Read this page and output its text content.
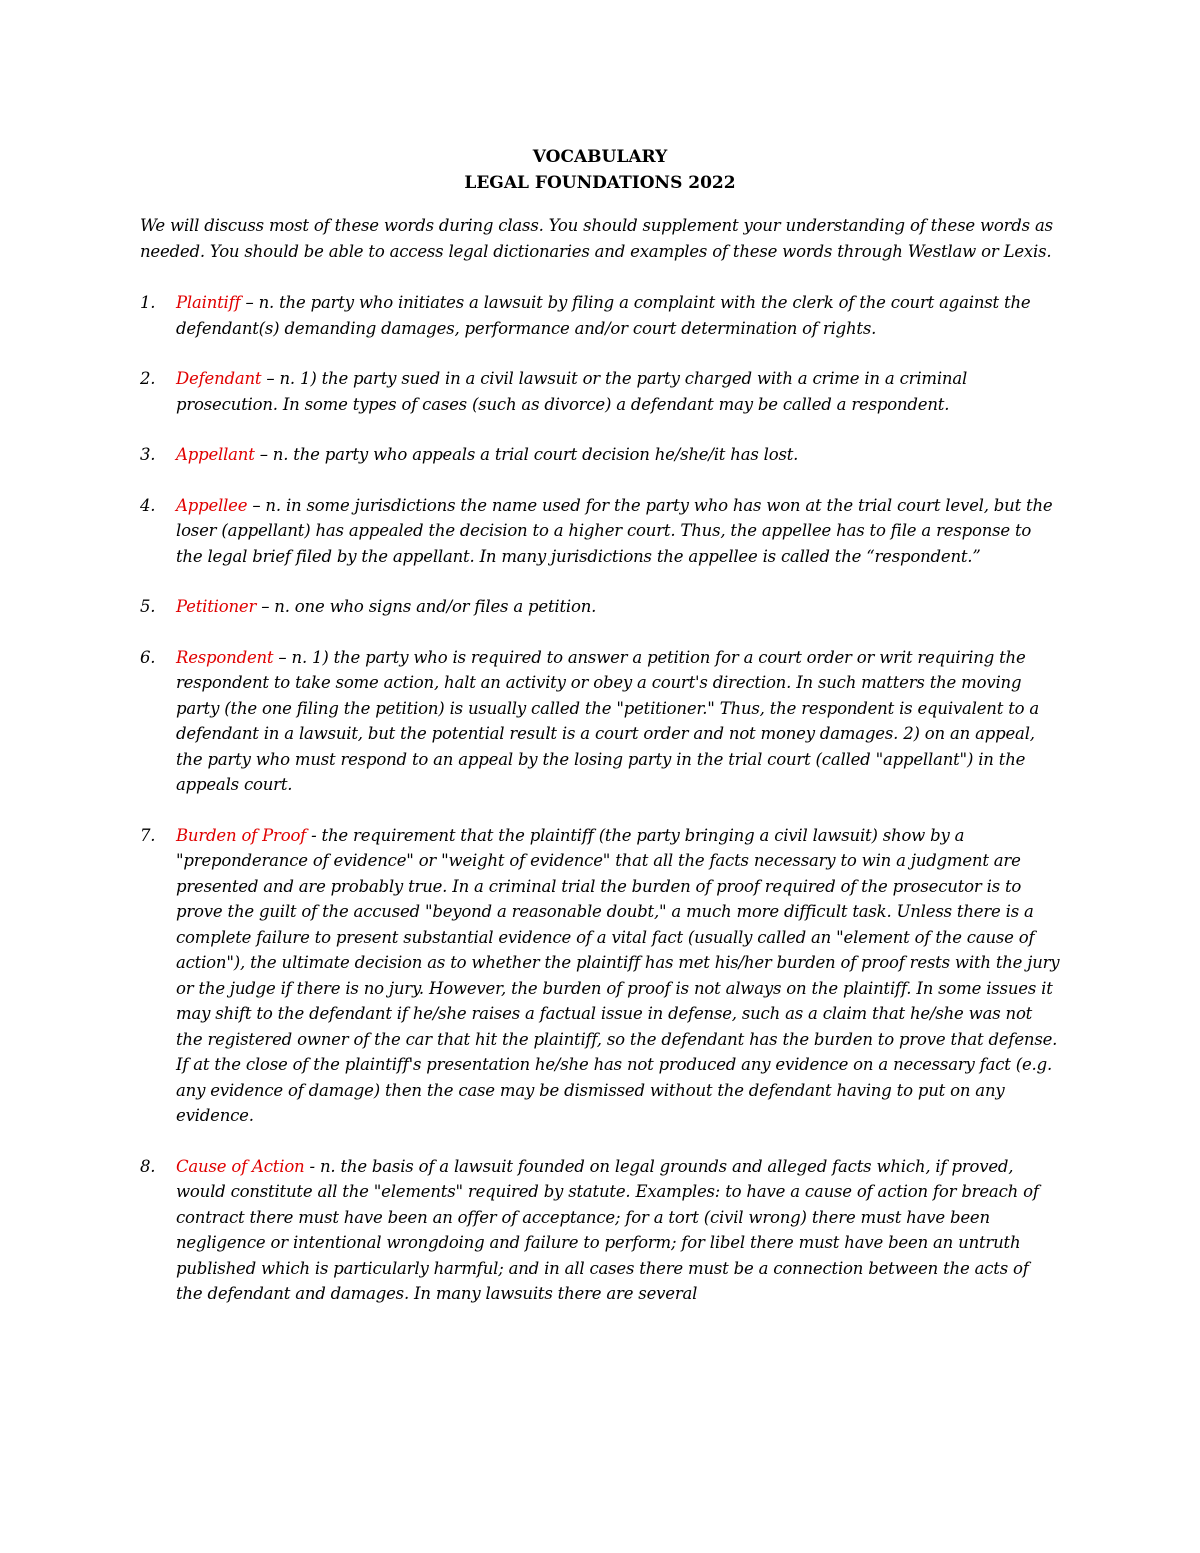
VOCABULARY

LEGAL FOUNDATIONS 2022

We will discuss most of these words during class. You should supplement your understanding of these words as needed. You should be able to access legal dictionaries and examples of these words through Westlaw or Lexis.

1. Plaintiff – n. the party who initiates a lawsuit by filing a complaint with the clerk of the court against the defendant(s) demanding damages, performance and/or court determination of rights.
2. Defendant – n. 1) the party sued in a civil lawsuit or the party charged with a crime in a criminal prosecution. In some types of cases (such as divorce) a defendant may be called a respondent.
3. Appellant – n. the party who appeals a trial court decision he/she/it has lost.
4. Appellee – n. in some jurisdictions the name used for the party who has won at the trial court level, but the loser (appellant) has appealed the decision to a higher court. Thus, the appellee has to file a response to the legal brief filed by the appellant. In many jurisdictions the appellee is called the “respondent.”
5. Petitioner – n. one who signs and/or files a petition.
6. Respondent – n. 1) the party who is required to answer a petition for a court order or writ requiring the respondent to take some action, halt an activity or obey a court's direction. In such matters the moving party (the one filing the petition) is usually called the "petitioner." Thus, the respondent is equivalent to a defendant in a lawsuit, but the potential result is a court order and not money damages. 2) on an appeal, the party who must respond to an appeal by the losing party in the trial court (called "appellant") in the appeals court.
7. Burden of Proof - the requirement that the plaintiff (the party bringing a civil lawsuit) show by a "preponderance of evidence" or "weight of evidence" that all the facts necessary to win a judgment are presented and are probably true. In a criminal trial the burden of proof required of the prosecutor is to prove the guilt of the accused "beyond a reasonable doubt," a much more difficult task. Unless there is a complete failure to present substantial evidence of a vital fact (usually called an "element of the cause of action"), the ultimate decision as to whether the plaintiff has met his/her burden of proof rests with the jury or the judge if there is no jury. However, the burden of proof is not always on the plaintiff. In some issues it may shift to the defendant if he/she raises a factual issue in defense, such as a claim that he/she was not the registered owner of the car that hit the plaintiff, so the defendant has the burden to prove that defense. If at the close of the plaintiff's presentation he/she has not produced any evidence on a necessary fact (e.g. any evidence of damage) then the case may be dismissed without the defendant having to put on any evidence.
8. Cause of Action - n. the basis of a lawsuit founded on legal grounds and alleged facts which, if proved, would constitute all the "elements" required by statute. Examples: to have a cause of action for breach of contract there must have been an offer of acceptance; for a tort (civil wrong) there must have been negligence or intentional wrongdoing and failure to perform; for libel there must have been an untruth published which is particularly harmful; and in all cases there must be a connection between the acts of the defendant and damages. In many lawsuits there are several
